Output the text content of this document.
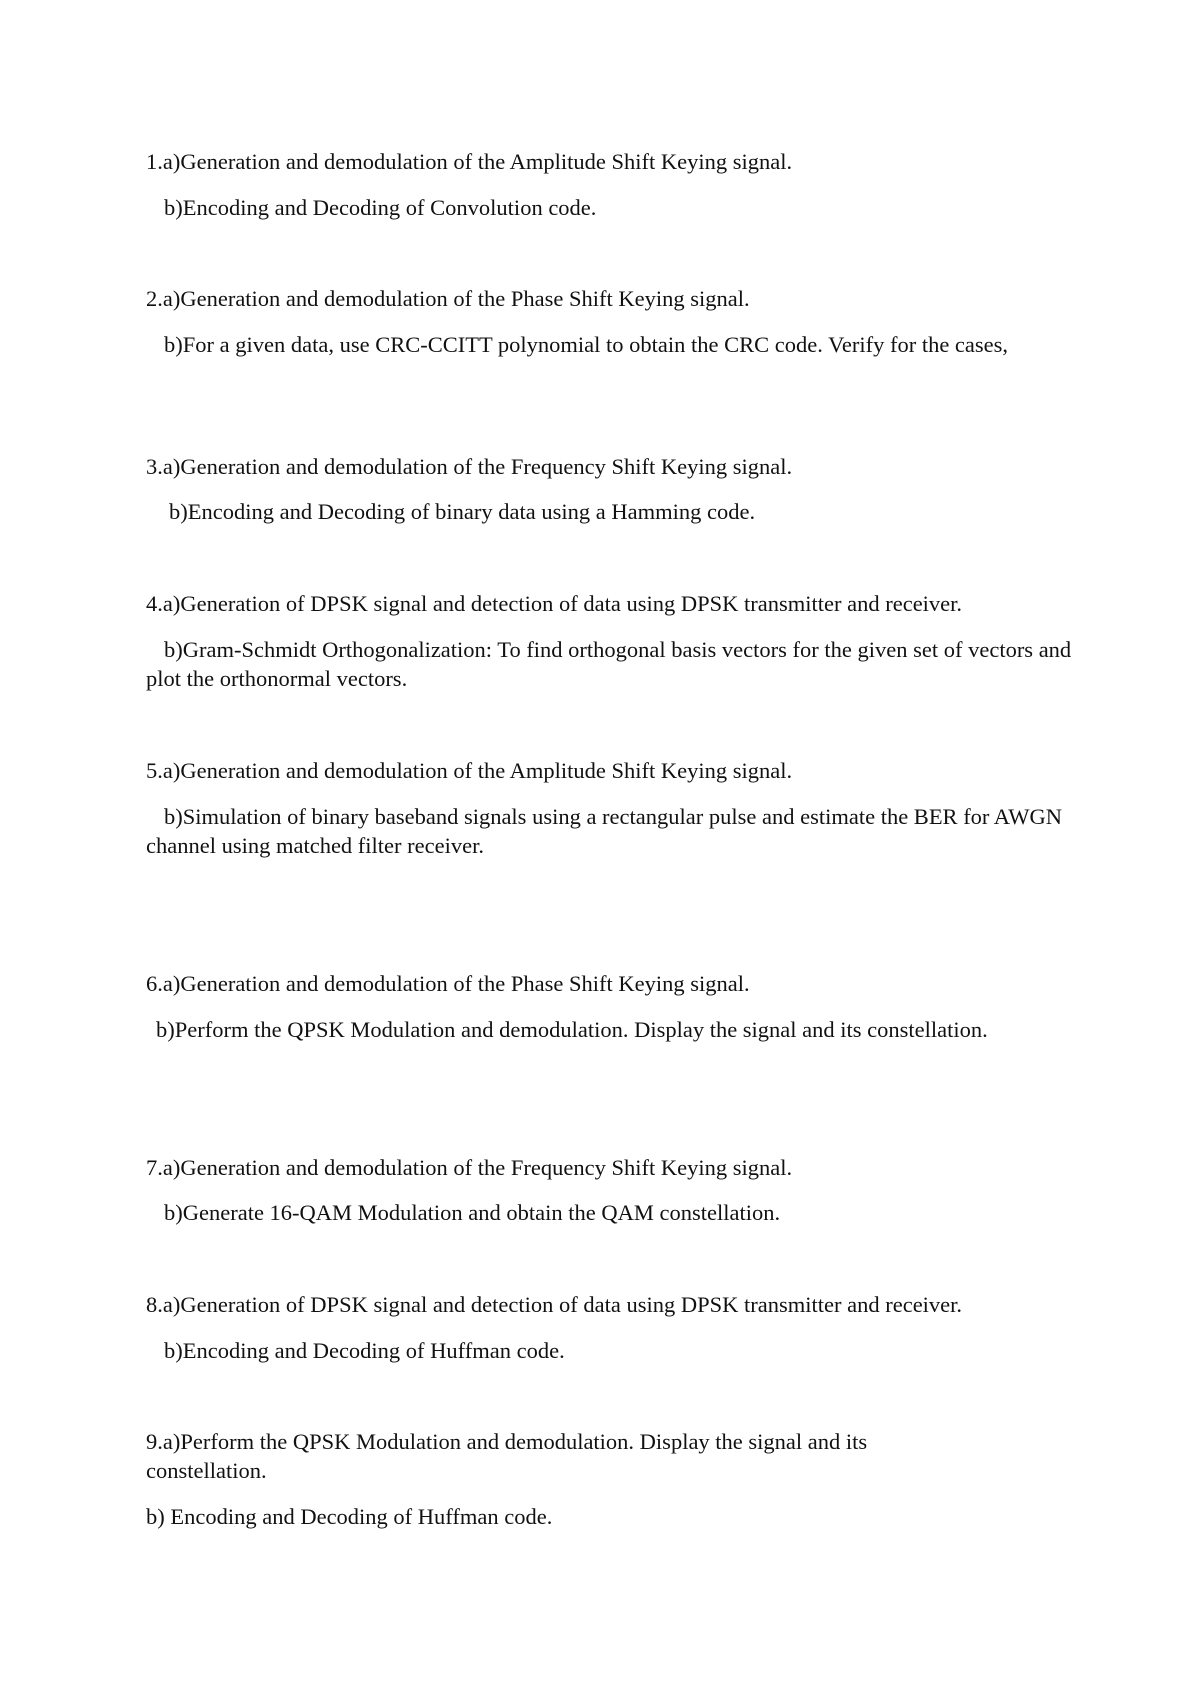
1.a)Generation and demodulation of the Amplitude Shift Keying signal.

b)Encoding and Decoding of Convolution code.

2.a)Generation and demodulation of the Phase Shift Keying signal.

b)For a given data, use CRC-CCITT polynomial to obtain the CRC code. Verify for the cases,

3.a)Generation and demodulation of the Frequency Shift Keying signal.

b)Encoding and Decoding of binary data using a Hamming code.

4.a)Generation of DPSK signal and detection of data using DPSK transmitter and receiver.

b)Gram-Schmidt Orthogonalization: To find orthogonal basis vectors for the given set of vectors and plot the orthonormal vectors.

5.a)Generation and demodulation of the Amplitude Shift Keying signal.

b)Simulation of binary baseband signals using a rectangular pulse and estimate the BER for AWGN channel using matched filter receiver.

6.a)Generation and demodulation of the Phase Shift Keying signal.

b)Perform the QPSK Modulation and demodulation. Display the signal and its constellation.

7.a)Generation and demodulation of the Frequency Shift Keying signal.

b)Generate 16-QAM Modulation and obtain the QAM constellation.

8.a)Generation of DPSK signal and detection of data using DPSK transmitter and receiver.

b)Encoding and Decoding of Huffman code.

9.a)Perform the QPSK Modulation and demodulation. Display the signal and its constellation.

b) Encoding and Decoding of Huffman code.
